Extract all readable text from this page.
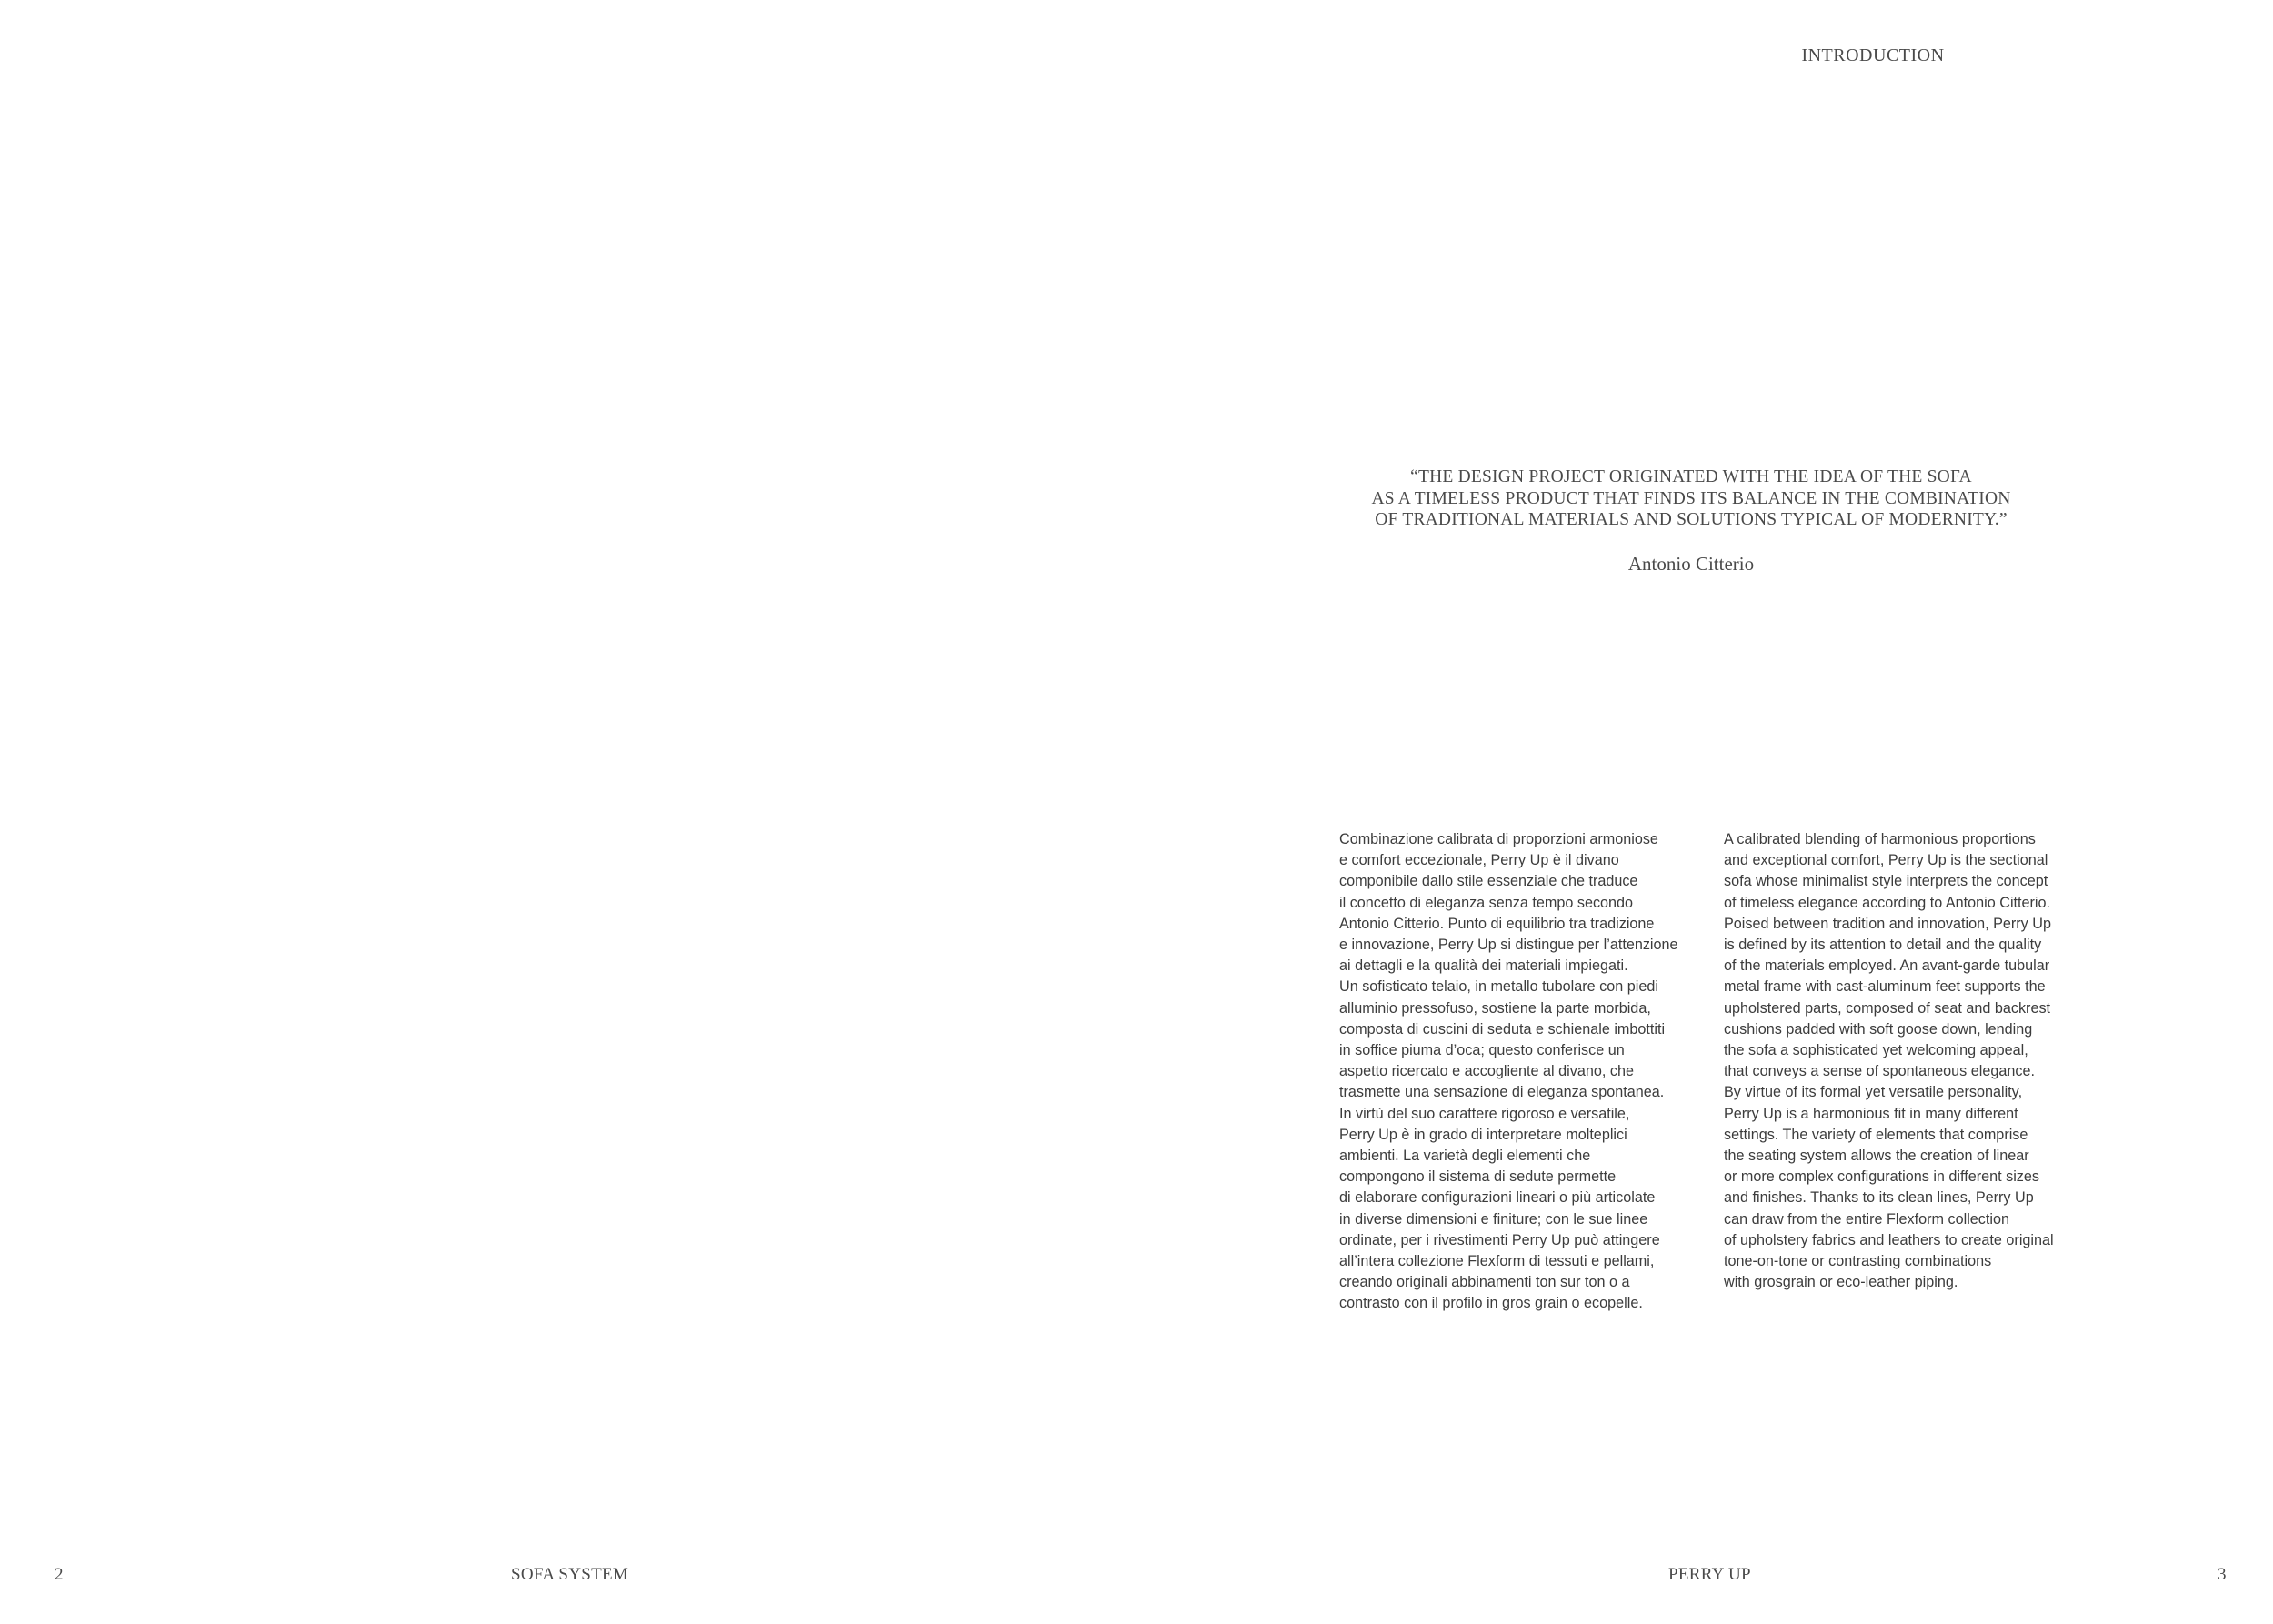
2	SOFA SYSTEM
INTRODUCTION

“THE DESIGN PROJECT ORIGINATED WITH THE IDEA OF THE SOFA
AS A TIMELESS PRODUCT THAT FINDS ITS BALANCE IN THE COMBINATION
OF TRADITIONAL MATERIALS AND SOLUTIONS TYPICAL OF MODERNITY.”

Antonio Citterio

Combinazione calibrata di proporzioni armoniose
e comfort eccezionale, Perry Up è il divano
componibile dallo stile essenziale che traduce
il concetto di eleganza senza tempo secondo
Antonio Citterio. Punto di equilibrio tra tradizione
e innovazione, Perry Up si distingue per l’attenzione
ai dettagli e la qualità dei materiali impiegati.
Un sofisticato telaio, in metallo tubolare con piedi
alluminio pressofuso, sostiene la parte morbida,
composta di cuscini di seduta e schienale imbottiti
in soffice piuma d’oca; questo conferisce un
aspetto ricercato e accogliente al divano, che
trasmette una sensazione di eleganza spontanea.
In virtù del suo carattere rigoroso e versatile,
Perry Up è in grado di interpretare molteplici
ambienti. La varietà degli elementi che
compongono il sistema di sedute permette
di elaborare configurazioni lineari o più articolate
in diverse dimensioni e finiture; con le sue linee
ordinate, per i rivestimenti Perry Up può attingere
all’intera collezione Flexform di tessuti e pellami,
creando originali abbinamenti ton sur ton o a
contrasto con il profilo in gros grain o ecopelle.

A calibrated blending of harmonious proportions
and exceptional comfort, Perry Up is the sectional
sofa whose minimalist style interprets the concept
of timeless elegance according to Antonio Citterio.
Poised between tradition and innovation, Perry Up
is defined by its attention to detail and the quality
of the materials employed. An avant-garde tubular
metal frame with cast-aluminum feet supports the
upholstered parts, composed of seat and backrest
cushions padded with soft goose down, lending
the sofa a sophisticated yet welcoming appeal,
that conveys a sense of spontaneous elegance.
By virtue of its formal yet versatile personality,
Perry Up is a harmonious fit in many different
settings. The variety of elements that comprise
the seating system allows the creation of linear
or more complex configurations in different sizes
and finishes. Thanks to its clean lines, Perry Up
can draw from the entire Flexform collection
of upholstery fabrics and leathers to create original
tone-on-tone or contrasting combinations
with grosgrain or eco-leather piping.

PERRY UP	3
